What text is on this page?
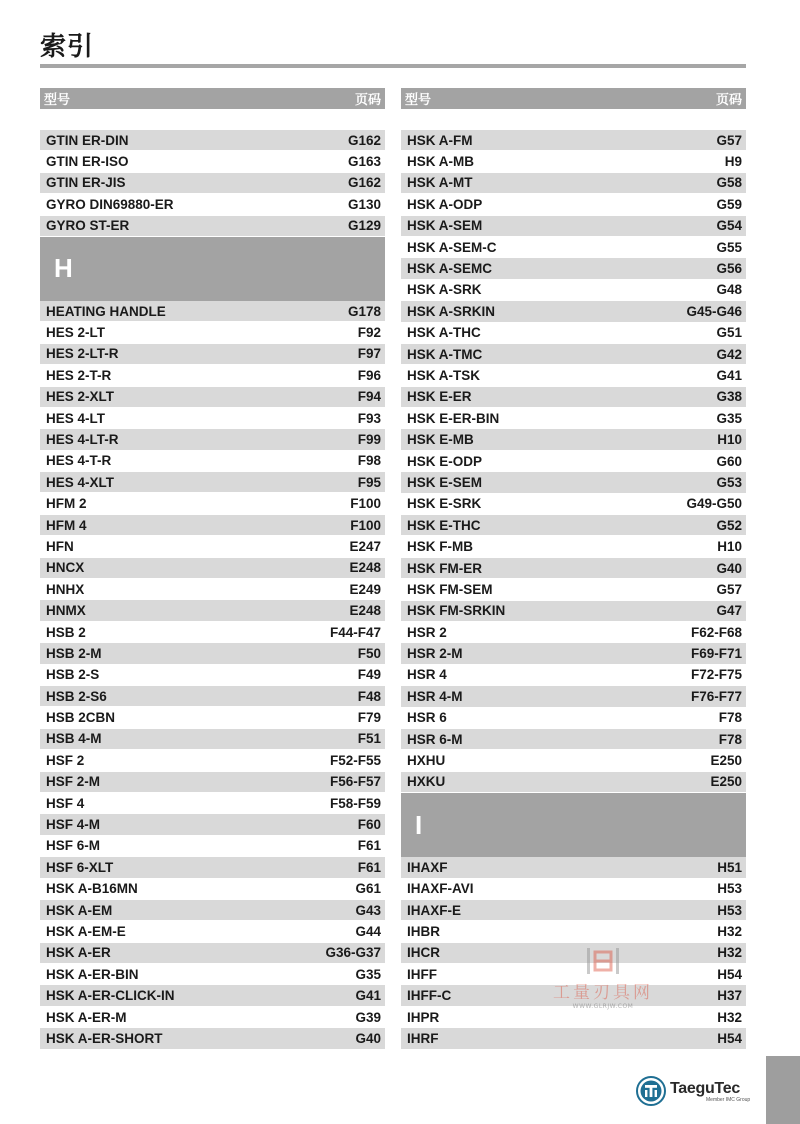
索引
型号	页码
GTIN ER-DIN	G162
GTIN ER-ISO	G163
GTIN ER-JIS	G162
GYRO DIN69880-ER	G130
GYRO ST-ER	G129
H
HEATING HANDLE	G178
HES 2-LT	F92
HES 2-LT-R	F97
HES 2-T-R	F96
HES 2-XLT	F94
HES 4-LT	F93
HES 4-LT-R	F99
HES 4-T-R	F98
HES 4-XLT	F95
HFM 2	F100
HFM 4	F100
HFN	E247
HNCX	E248
HNHX	E249
HNMX	E248
HSB 2	F44-F47
HSB 2-M	F50
HSB 2-S	F49
HSB 2-S6	F48
HSB 2CBN	F79
HSB 4-M	F51
HSF 2	F52-F55
HSF 2-M	F56-F57
HSF 4	F58-F59
HSF 4-M	F60
HSF 6-M	F61
HSF 6-XLT	F61
HSK A-B16MN	G61
HSK A-EM	G43
HSK A-EM-E	G44
HSK A-ER	G36-G37
HSK A-ER-BIN	G35
HSK A-ER-CLICK-IN	G41
HSK A-ER-M	G39
HSK A-ER-SHORT	G40
型号	页码
HSK A-FM	G57
HSK A-MB	H9
HSK A-MT	G58
HSK A-ODP	G59
HSK A-SEM	G54
HSK A-SEM-C	G55
HSK A-SEMC	G56
HSK A-SRK	G48
HSK A-SRKIN	G45-G46
HSK A-THC	G51
HSK A-TMC	G42
HSK A-TSK	G41
HSK E-ER	G38
HSK E-ER-BIN	G35
HSK E-MB	H10
HSK E-ODP	G60
HSK E-SEM	G53
HSK E-SRK	G49-G50
HSK E-THC	G52
HSK F-MB	H10
HSK FM-ER	G40
HSK FM-SEM	G57
HSK FM-SRKIN	G47
HSR 2	F62-F68
HSR 2-M	F69-F71
HSR 4	F72-F75
HSR 4-M	F76-F77
HSR 6	F78
HSR 6-M	F78
HXHU	E250
HXKU	E250
I
IHAXF	H51
IHAXF-AVI	H53
IHAXF-E	H53
IHBR	H32
IHCR	H32
IHFF	H54
IHFF-C	H37
IHPR	H32
IHRF	H54
工量刃具网
WWW.GLRJW.COM
TaeguTec
Member IMC Group
